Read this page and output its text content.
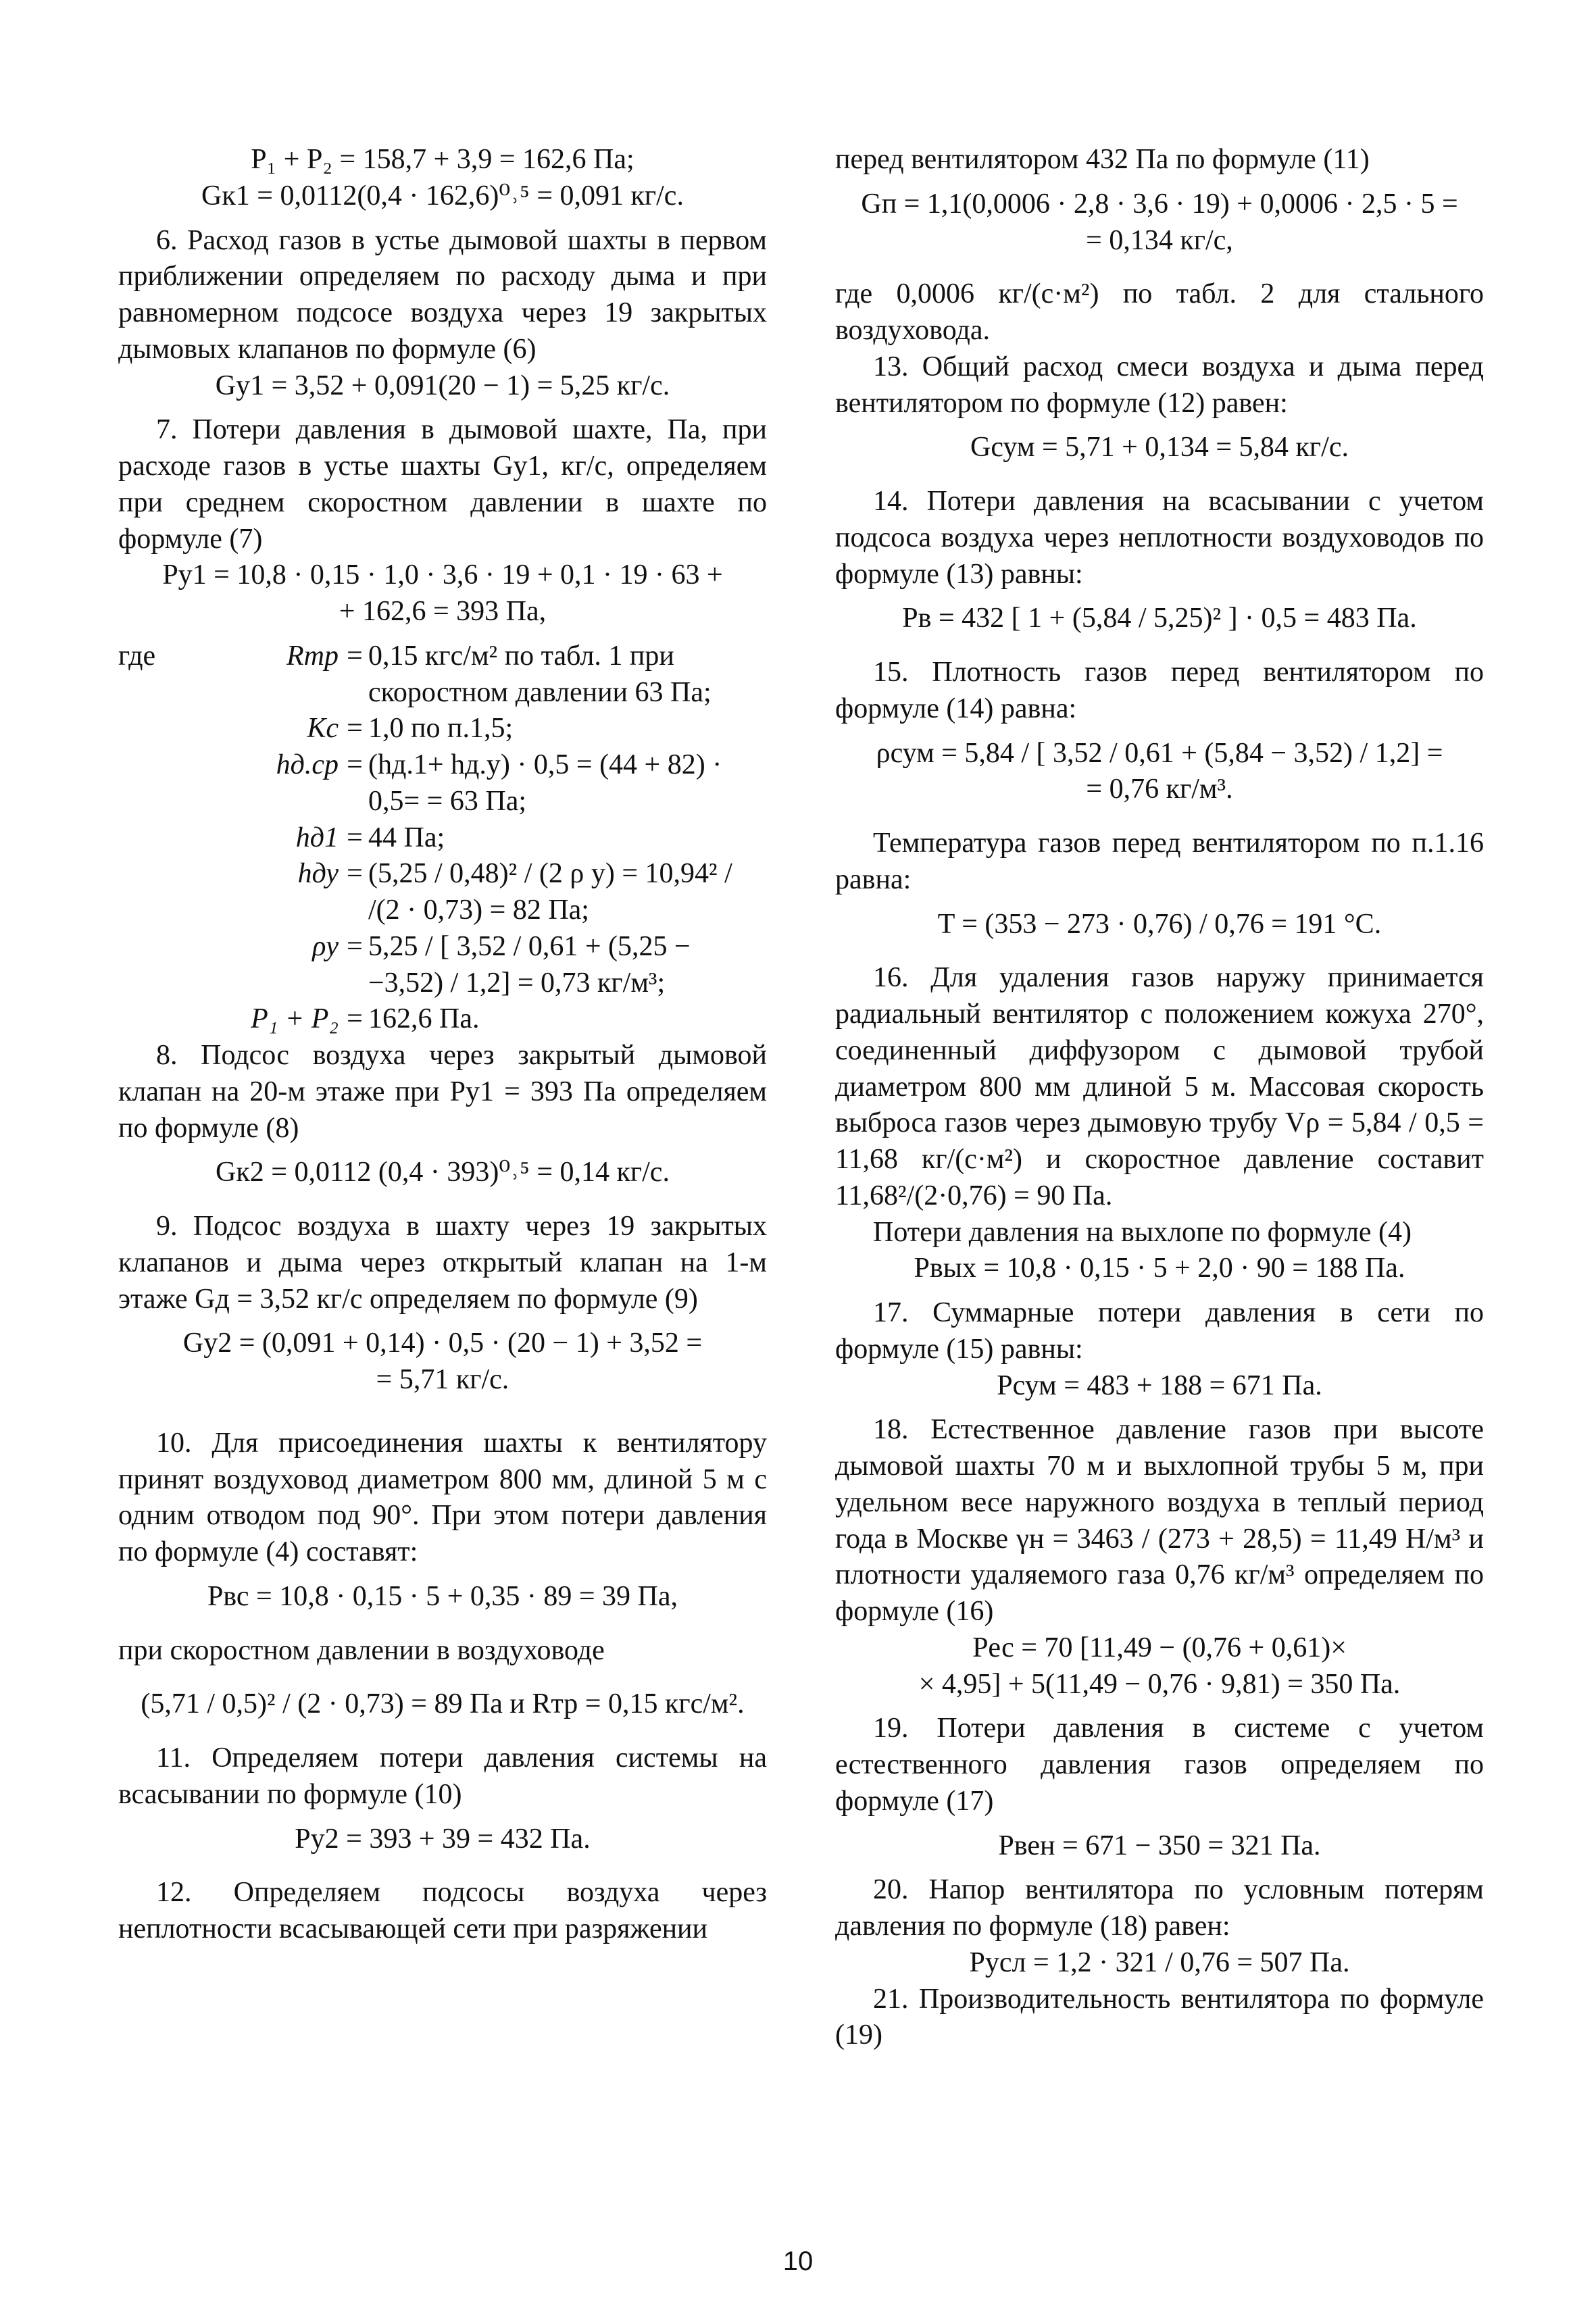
P₁ + P₂ = 158,7 + 3,9 = 162,6 Па;

Gк1 = 0,0112(0,4 · 162,6)⁰˒⁵ = 0,091 кг/с.

6. Расход газов в устье дымовой шахты в первом приближении определяем по расходу дыма и при равномерном подсосе воздуха через 19 закрытых дымовых клапанов по формуле (6)

Gу1 = 3,52 + 0,091(20 − 1) = 5,25 кг/с.

7. Потери давления в дымовой шахте, Па, при расходе газов в устье шахты Gу1, кг/с, определяем при среднем скоростном давлении в шахте по формуле (7)

Pу1 = 10,8 · 0,15 · 1,0 · 3,6 · 19 + 0,1 · 19 · 63 +

+ 162,6 = 393 Па,

где	Rтр = 0,15 кгс/м² по табл. 1 при скоростном давлении 63 Па;
Kс = 1,0 по п.1,5;
hд.ср = (hд.1+ hд.у) · 0,5 = (44 + 82) · 0,5= = 63 Па;
hд1 = 44 Па;
hду = (5,25 / 0,48)² / (2 ρ у) = 10,94² / /(2 · 0,73) = 82 Па;
ρу = 5,25 / [ 3,52 / 0,61 + (5,25 − −3,52) / 1,2] = 0,73 кг/м³;
P₁ + P₂ = 162,6 Па.

8. Подсос воздуха через закрытый дымовой клапан на 20-м этаже при Pу1 = 393 Па определяем по формуле (8)

Gк2 = 0,0112 (0,4 · 393)⁰˒⁵ = 0,14 кг/с.

9. Подсос воздуха в шахту через 19 закрытых клапанов и дыма через открытый клапан на 1-м этаже Gд = 3,52 кг/с определяем по формуле (9)

Gу2 = (0,091 + 0,14) · 0,5 · (20 − 1) + 3,52 =

= 5,71 кг/с.

10. Для присоединения шахты к вентилятору принят воздуховод диаметром 800 мм, длиной 5 м с одним отводом под 90°. При этом потери давления по формуле (4) составят:

Pвс = 10,8 · 0,15 · 5 + 0,35 · 89 = 39 Па,

при скоростном давлении в воздуховоде

(5,71 / 0,5)² / (2 · 0,73) = 89 Па и Rтр = 0,15 кгс/м².

11. Определяем потери давления системы на всасывании по формуле (10)

Pу2 = 393 + 39 = 432 Па.

12. Определяем подсосы воздуха через неплотности всасывающей сети при разряжении

перед вентилятором 432 Па по формуле (11)

Gп = 1,1(0,0006 · 2,8 · 3,6 · 19) + 0,0006 · 2,5 · 5 =

= 0,134 кг/с,

где 0,0006 кг/(с·м²) по табл. 2 для стального воздуховода.

13. Общий расход смеси воздуха и дыма перед вентилятором по формуле (12) равен:

Gсум = 5,71 + 0,134 = 5,84 кг/с.

14. Потери давления на всасывании с учетом подсоса воздуха через неплотности воздуховодов по формуле (13) равны:

Pв = 432 [ 1 + (5,84 / 5,25)² ] · 0,5 = 483 Па.

15. Плотность газов перед вентилятором по формуле (14) равна:

ρсум = 5,84 / [ 3,52 / 0,61 + (5,84 − 3,52) / 1,2] =

= 0,76 кг/м³.

Температура газов перед вентилятором по п.1.16 равна:

T = (353 − 273 · 0,76) / 0,76 = 191 °С.

16. Для удаления газов наружу принимается радиальный вентилятор с положением кожуха 270°, соединенный диффузором с дымовой трубой диаметром 800 мм длиной 5 м. Массовая скорость выброса газов через дымовую трубу Vρ = 5,84 / 0,5 = 11,68 кг/(с·м²) и скоростное давление составит 11,68²/(2·0,76) = 90 Па.

Потери давления на выхлопе по формуле (4)

Pвых = 10,8 · 0,15 · 5 + 2,0 · 90 = 188 Па.

17. Суммарные потери давления в сети по формуле (15) равны:

Pсум = 483 + 188 = 671 Па.

18. Естественное давление газов при высоте дымовой шахты 70 м и выхлопной трубы 5 м, при удельном весе наружного воздуха в теплый период года в Москве γн = 3463 / (273 + 28,5) = 11,49 Н/м³ и плотности удаляемого газа 0,76 кг/м³ определяем по формуле (16)

Pес = 70 [11,49 − (0,76 + 0,61)×

× 4,95] + 5(11,49 − 0,76 · 9,81) = 350 Па.

19. Потери давления в системе с учетом естественного давления газов определяем по формуле (17)

Pвен = 671 − 350 = 321 Па.

20. Напор вентилятора по условным потерям давления по формуле (18) равен:

Pусл = 1,2 · 321 / 0,76 = 507 Па.

21. Производительность вентилятора по формуле (19)

10
